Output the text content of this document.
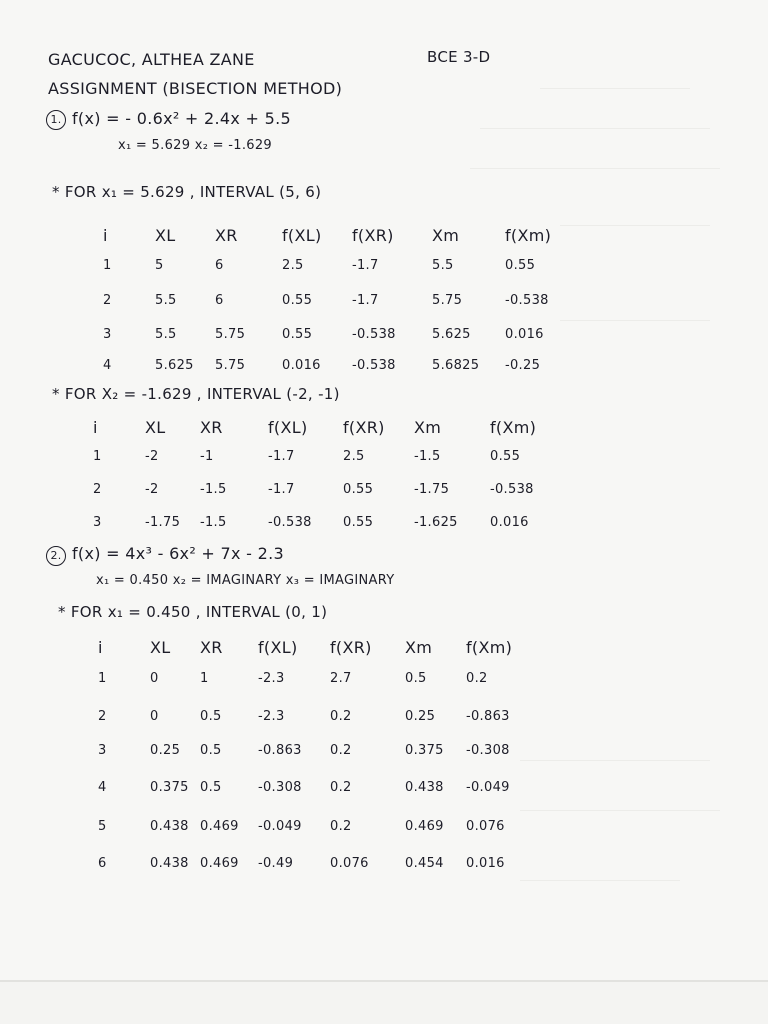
GACUCOC, ALTHEA ZANE	BCE 3-D
ASSIGNMENT (BISECTION METHOD)
1. f(x) = - 0.6x² + 2.4x + 5.5
x₁ = 5.629 x₂ = -1.629
* FOR x₁ = 5.629 , INTERVAL (5, 6)
i	XL XR	f(XL) f(XR) Xm	f(Xm)
1	5	6	2.5	-1.7	5.5	0.55
2	5.5	6	0.55	-1.7	5.75	-0.538
3	5.5	5.75	0.55	-0.538	5.625	0.016
4	5.625 5.75	0.016 -0.538	5.6825 -0.25
* FOR X₂ = -1.629 , INTERVAL (-2, -1)
i	XL XR	f(XL) f(XR) Xm	f(Xm)
1	-2	-1	-1.7	2.5	-1.5	0.55
2	-2	-1.5	-1.7	0.55	-1.75	-0.538
3	-1.75 -1.5	-0.538 0.55	-1.625 0.016
2. f(x) = 4x³ - 6x² + 7x - 2.3
x₁ = 0.450 x₂ = IMAGINARY x₃ = IMAGINARY
* FOR x₁ = 0.450 , INTERVAL (0, 1)
i	XL XR f(XL) f(XR) Xm f(Xm)
1	0	1	-2.3	2.7	0.5	0.2
2	0	0.5	-2.3	0.2	0.25 -0.863
3	0.25 0.5	-0.863 0.2	0.375 -0.308
4	0.375 0.5	-0.308 0.2	0.438 -0.049
5	0.438 0.469 -0.049 0.2	0.469 0.076
6	0.438 0.469 -0.49	0.076	0.454 0.016
